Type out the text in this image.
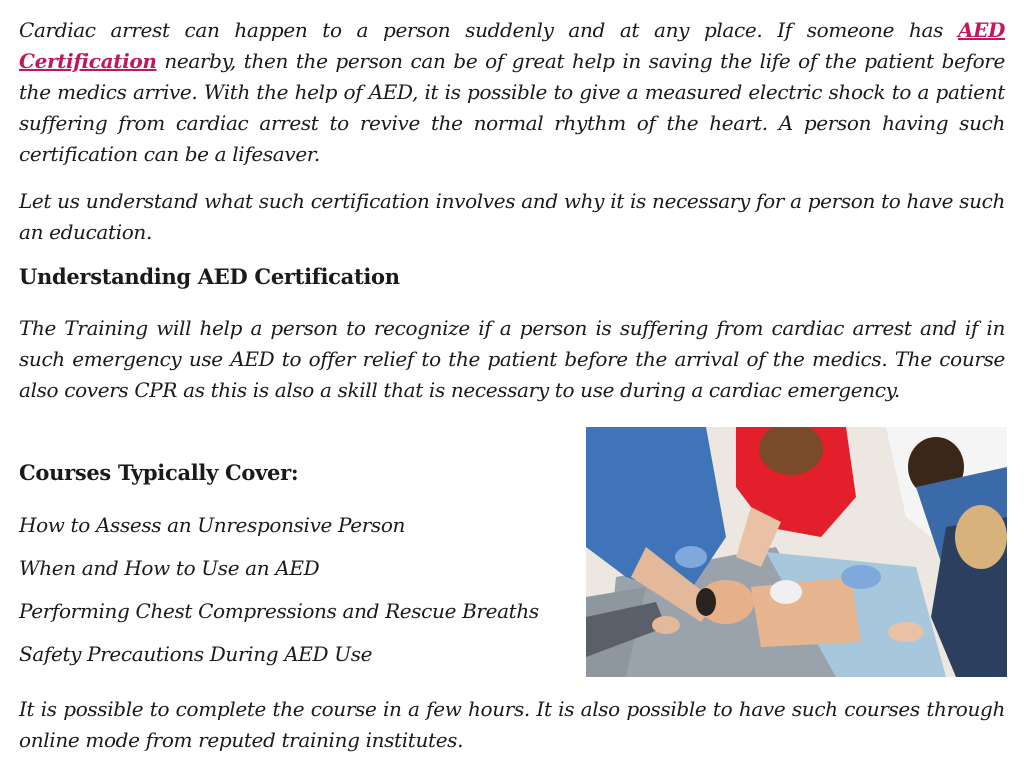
Cardiac arrest can happen to a person suddenly and at any place. If someone has AED Certification nearby, then the person can be of great help in saving the life of the patient before the medics arrive. With the help of AED, it is possible to give a measured electric shock to a patient suffering from cardiac arrest to revive the normal rhythm of the heart. A person having such certification can be a lifesaver.

Let us understand what such certification involves and why it is necessary for a person to have such an education.

Understanding AED Certification

The Training will help a person to recognize if a person is suffering from cardiac arrest and if in such emergency use AED to offer relief to the patient before the arrival of the medics. The course also covers CPR as this is also a skill that is necessary to use during a cardiac emergency.

Courses Typically Cover:
How to Assess an Unresponsive Person
When and How to Use an AED
Performing Chest Compressions and Rescue Breaths
Safety Precautions During AED Use

It is possible to complete the course in a few hours. It is also possible to have such courses through online mode from reputed training institutes.
